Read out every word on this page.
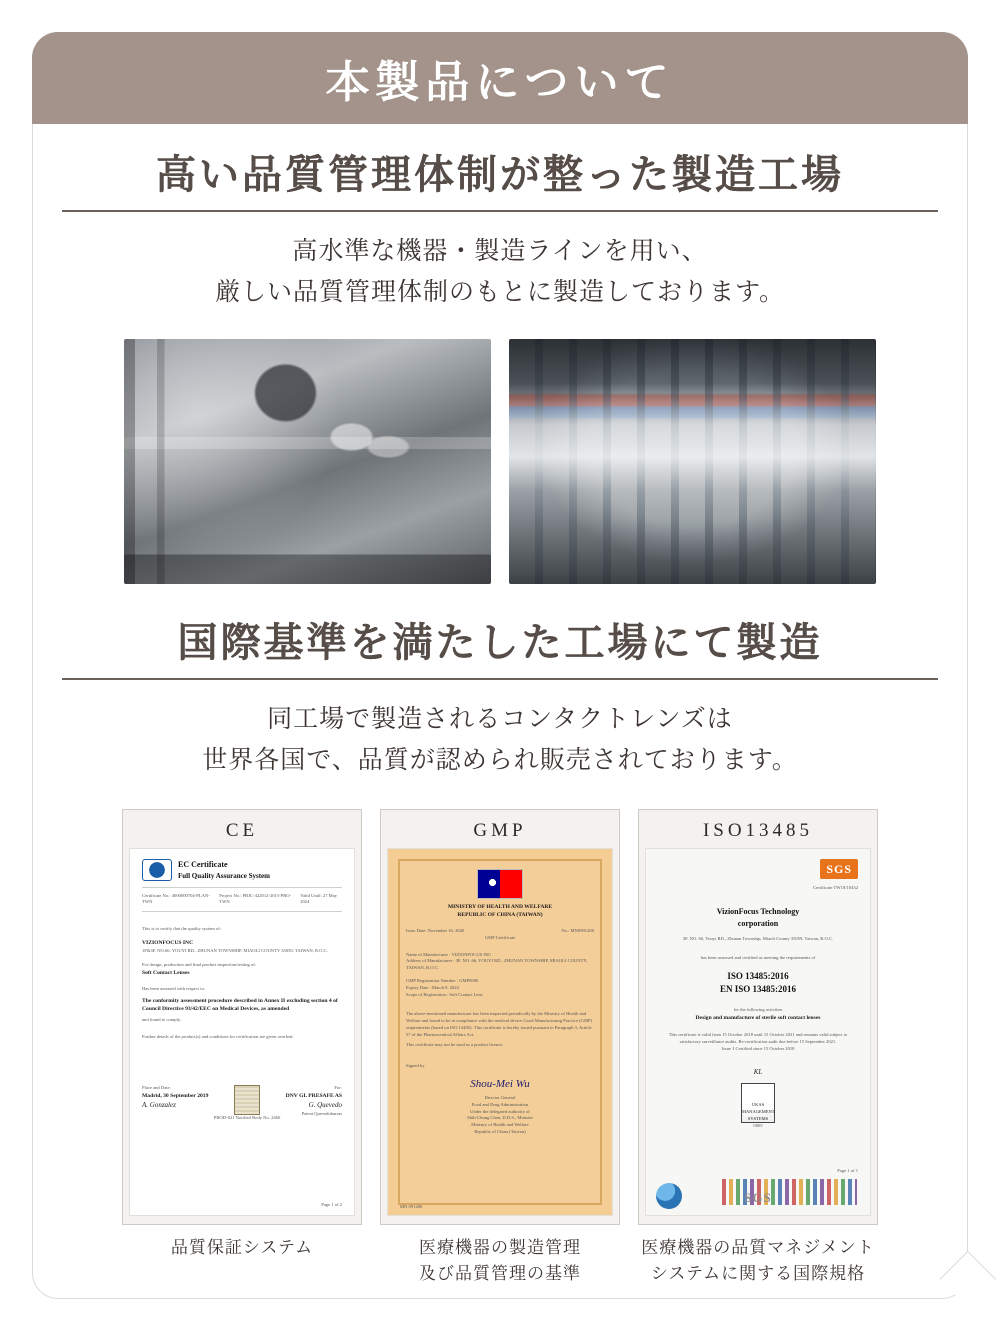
本製品について
高い品質管理体制が整った製造工場
高水準な機器・製造ラインを用い、
厳しい品質管理体制のもとに製造しております。
国際基準を満たした工場にて製造
同工場で製造されるコンタクトレンズは
世界各国で、品質が認められ販売されております。
CE
EC Certificate
Full Quality Assurance System
Certificate No.: 4000000704-PLAN-TWN
Project No.: PRJC-422012-2015-PRO-TWN
Valid Until: 27 May 2024
This is to certify that the quality system of:
VIZIONFOCUS INC
1F&3F, NO.66, YOUYI RD., ZHUNAN TOWNSHIP, MIAOLI COUNTY 35059, TAIWAN, R.O.C.
For design, production and final product inspection/testing of:
Soft Contact Lenses
Has been assessed with respect to:
The conformity assessment procedure described in Annex II excluding section 4 of Council Directive 93/42/EEC on Medical Devices, as amended
and found to comply.
Further details of the product(s) and conditions for certification are given overleaf.
Place and Date:
Madrid, 30 September 2019
A. Gonzalez
PROD-021 Notified Body No. 2460
For:
DNV GL PRESAFE AS
G. Quevedo
Patent Quevedoharras
Page 1 of 2
品質保証システム
GMP
MINISTRY OF HEALTH AND WELFARE
REPUBLIC OF CHINA (TAIWAN)
Issue Date: November 16, 2020	No.: MN0901200
GMP Certificate
Name of Manufacturer : VIZIONFOCUS INC
Address of Manufacturer : 3F, NO. 66, YOUYI RD., ZHUNAN TOWNSHIP, MIAOLI COUNTY, TAIWAN, R.O.C.
GMP Registration Number : GMP0900
Expiry Date : March 9, 2024
Scope of Registration : Soft Contact Lens
The above-mentioned manufacturer has been inspected periodically by the Ministry of Health and Welfare and found to be in compliance with the medical device Good Manufacturing Practice (GMP) requirements (based on ISO 13485). This certificate is hereby issued pursuant to Paragraph 3, Article 57 of the Pharmaceutical Affairs Act.
This certificate may not be used as a product licence.
Signed by
Shou-Mei Wu
Director General
Food and Drug Administration
Under the delegated authority of
Shih-Chung Chen, D.D.S., Minister
Ministry of Health and Welfare
Republic of China (Taiwan)
MN 091200
医療機器の製造管理
及び品質管理の基準
ISO13485
SGS
Certificate TW18/10432
VizionFocus Technology
corporation
3F, NO. 66, Youyi RD., Zhunan Township, Miaoli County 35059, Taiwan, R.O.C.
has been assessed and certified as meeting the requirements of
ISO 13485:2016
EN ISO 13485:2016
for the following activities
Design and manufacture of sterile soft contact lenses
This certificate is valid from 15 October 2018 until 15 October 2021 and remains valid subject to satisfactory surveillance audits. Re-certification audit due before 15 September 2021.
Issue 1 Certified since 15 October 2018
KL
UKAS MANAGEMENT SYSTEMS
0005
Page 1 of 1
SGS
医療機器の品質マネジメント
システムに関する国際規格
